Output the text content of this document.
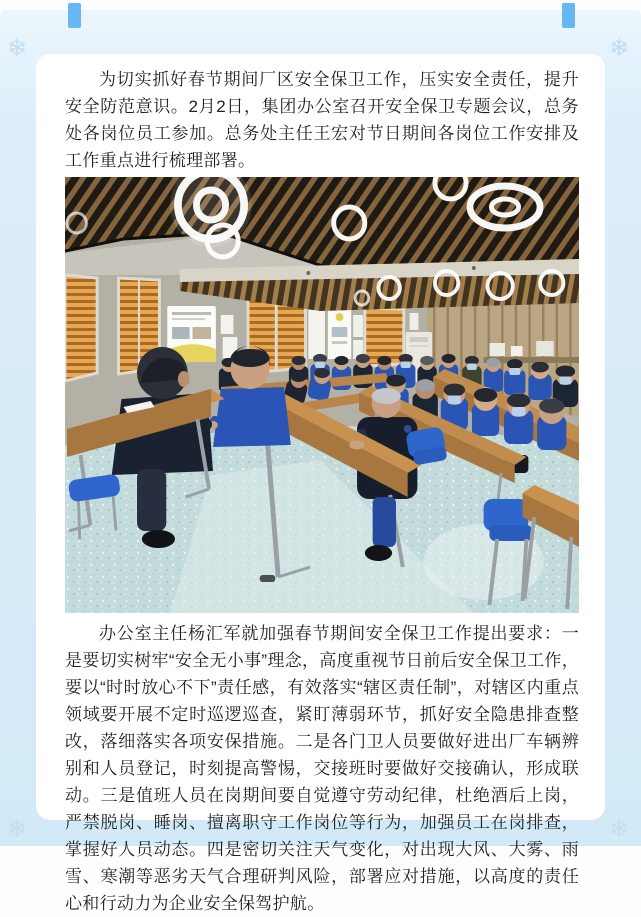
❄	❄
❄	❄

为切实抓好春节期间厂区安全保卫工作，压实安全责任，提升安全防范意识。2月2日，集团办公室召开安全保卫专题会议，总务处各岗位员工参加。总务处主任王宏对节日期间各岗位工作安排及工作重点进行梳理部署。

办公室主任杨汇军就加强春节期间安全保卫工作提出要求：一是要切实树牢“安全无小事”理念，高度重视节日前后安全保卫工作，要以“时时放心不下”责任感，有效落实“辖区责任制”，对辖区内重点领域要开展不定时巡逻巡查，紧盯薄弱环节，抓好安全隐患排查整改，落细落实各项安保措施。二是各门卫人员要做好进出厂车辆辨别和人员登记，时刻提高警惕，交接班时要做好交接确认，形成联动。三是值班人员在岗期间要自觉遵守劳动纪律，杜绝酒后上岗，严禁脱岗、睡岗、擅离职守工作岗位等行为，加强员工在岗排查，掌握好人员动态。四是密切关注天气变化，对出现大风、大雾、雨雪、寒潮等恶劣天气合理研判风险，部署应对措施，以高度的责任心和行动力为企业安全保驾护航。
